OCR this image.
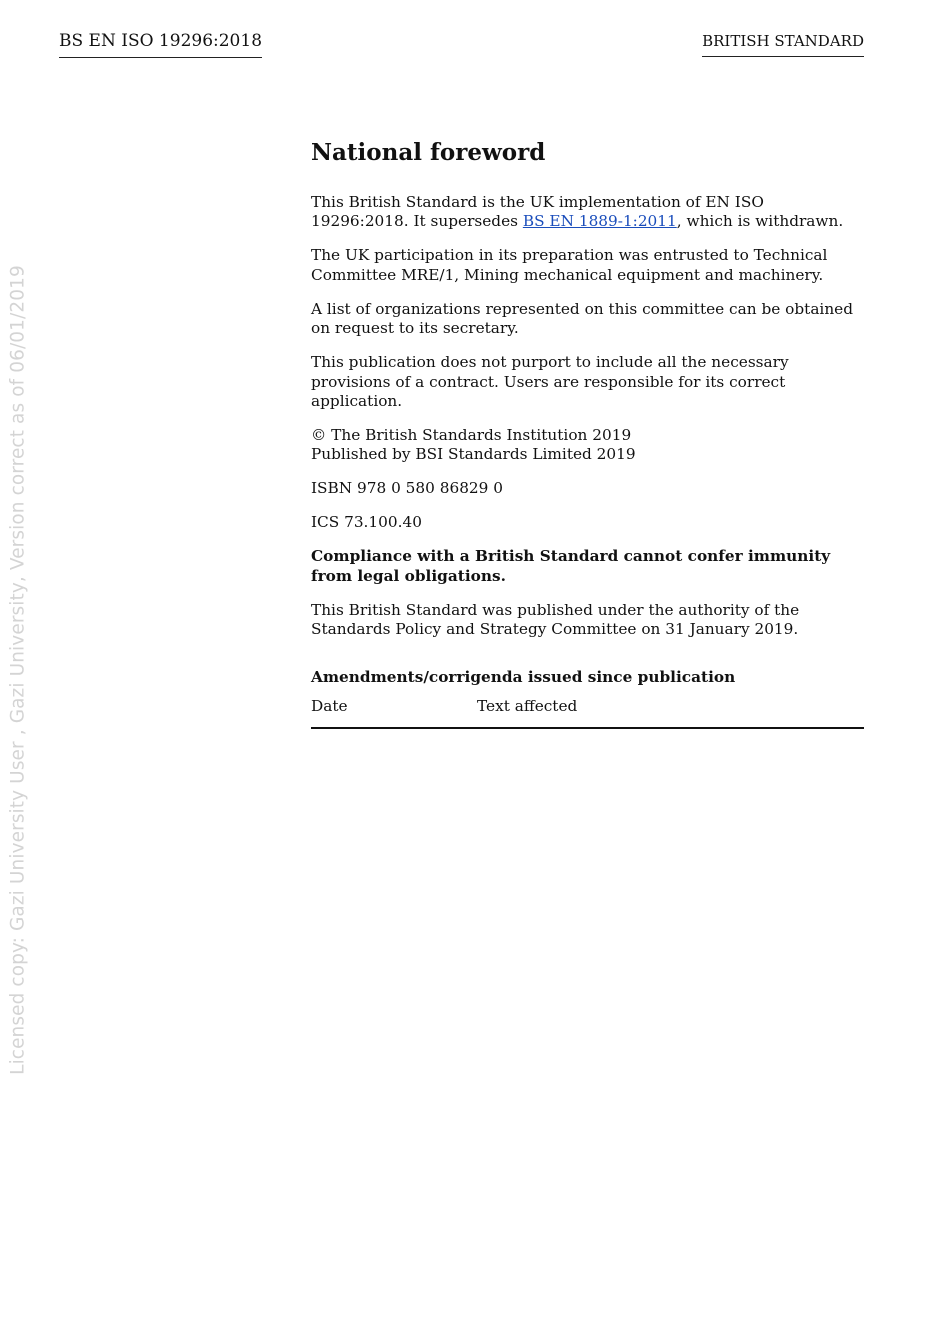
BS EN ISO 19296:2018	BRITISH STANDARD
Licensed copy: Gazi University User , Gazi University, Version correct as of 06/01/2019
National foreword
This British Standard is the UK implementation of EN ISO 19296:2018. It supersedes BS EN 1889-1:2011, which is withdrawn.
The UK participation in its preparation was entrusted to Technical Committee MRE/1, Mining mechanical equipment and machinery.
A list of organizations represented on this committee can be obtained on request to its secretary.
This publication does not purport to include all the necessary provisions of a contract. Users are responsible for its correct application.
© The British Standards Institution 2019
Published by BSI Standards Limited 2019
ISBN 978 0 580 86829 0
ICS 73.100.40
Compliance with a British Standard cannot confer immunity from legal obligations.
This British Standard was published under the authority of the Standards Policy and Strategy Committee on 31 January 2019.
Amendments/corrigenda issued since publication
Date	Text affected
